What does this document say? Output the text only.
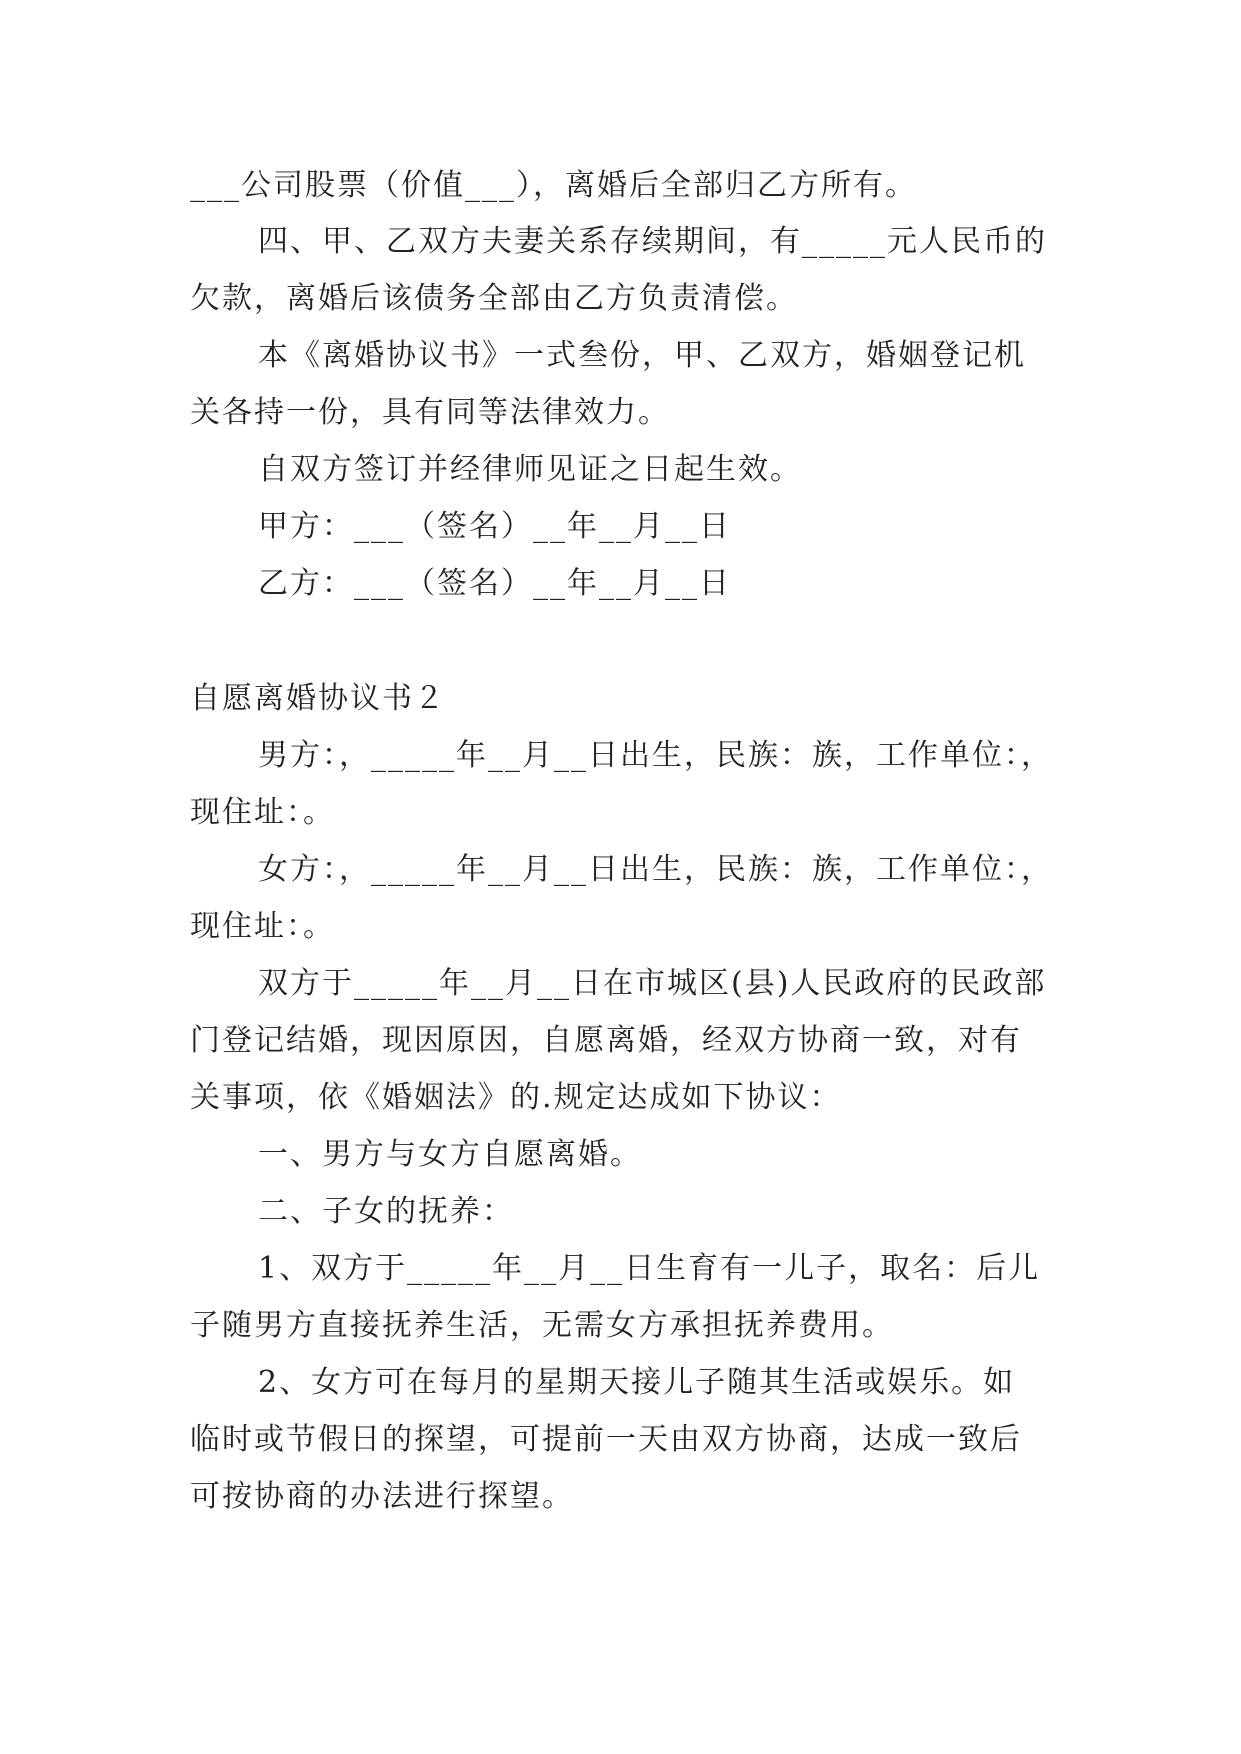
___公司股票（价值___），离婚后全部归乙方所有。
四、甲、乙双方夫妻关系存续期间，有_____元人民币的
欠款，离婚后该债务全部由乙方负责清偿。
本《离婚协议书》一式叁份，甲、乙双方，婚姻登记机
关各持一份，具有同等法律效力。
自双方签订并经律师见证之日起生效。
甲方：___（签名）__年__月__日
乙方：___（签名）__年__月__日
自愿离婚协议书２
男方：，_____年__月__日出生，民族：族，工作单位：，
现住址：。
女方：，_____年__月__日出生，民族：族，工作单位：，
现住址：。
双方于_____年__月__日在市城区(县)人民政府的民政部
门登记结婚，现因原因，自愿离婚，经双方协商一致，对有
关事项，依《婚姻法》的.规定达成如下协议：
一、男方与女方自愿离婚。
二、子女的抚养：
1、双方于_____年__月__日生育有一儿子，取名：后儿
子随男方直接抚养生活，无需女方承担抚养费用。
2、女方可在每月的星期天接儿子随其生活或娱乐。如
临时或节假日的探望，可提前一天由双方协商，达成一致后
可按协商的办法进行探望。
